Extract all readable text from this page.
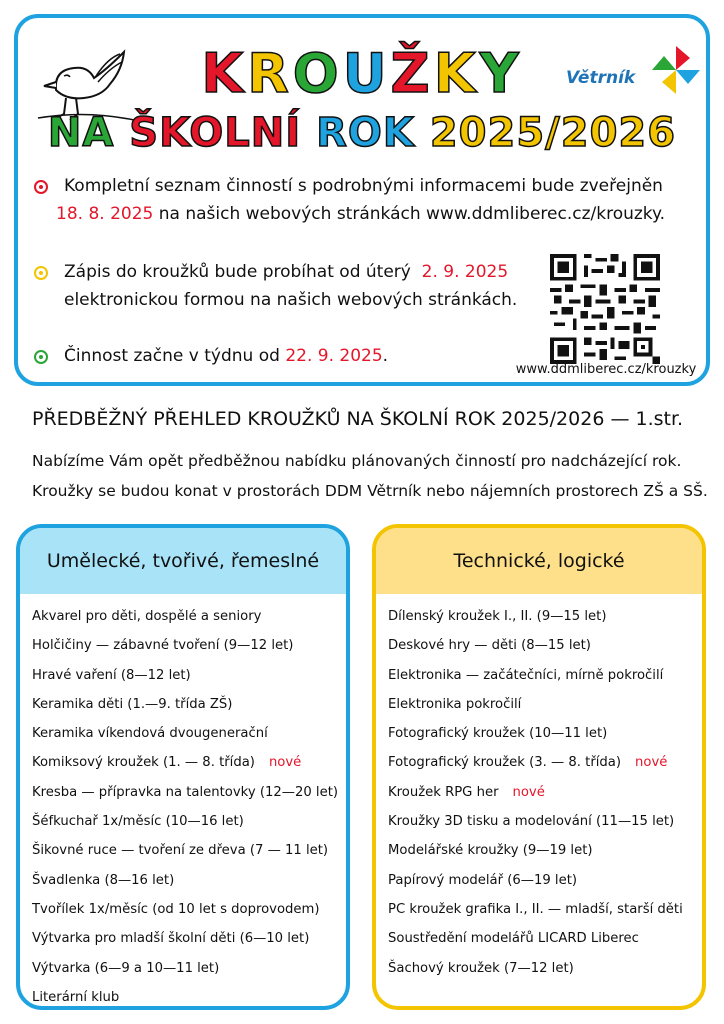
Větrník
KROUŽKY
NA ŠKOLNÍ ROK 2025/2026
Kompletní seznam činností s podrobnými informacemi bude zveřejněn
18. 8. 2025 na našich webových stránkách www.ddmliberec.cz/krouzky.
Zápis do kroužků bude probíhat od úterý 2. 9. 2025
elektronickou formou na našich webových stránkách.
Činnost začne v týdnu od 22. 9. 2025.
www.ddmliberec.cz/krouzky
PŘEDBĚŽNÝ PŘEHLED KROUŽKŮ NA ŠKOLNÍ ROK 2025/2026 — 1.str.
Nabízíme Vám opět předběžnou nabídku plánovaných činností pro nadcházející rok.
Kroužky se budou konat v prostorách DDM Větrník nebo nájemních prostorech ZŠ a SŠ.
Umělecké, tvořivé, řemeslné
Akvarel pro děti, dospělé a seniory
Holčičiny — zábavné tvoření (9—12 let)
Hravé vaření (8—12 let)
Keramika děti (1.—9. třída ZŠ)
Keramika víkendová dvougenerační
Komiksový kroužek (1. — 8. třída) nové
Kresba — přípravka na talentovky (12—20 let)
Šéfkuchař 1x/měsíc (10—16 let)
Šikovné ruce — tvoření ze dřeva (7 — 11 let)
Švadlenka (8—16 let)
Tvořílek 1x/měsíc (od 10 let s doprovodem)
Výtvarka pro mladší školní děti (6—10 let)
Výtvarka (6—9 a 10—11 let)
Literární klub
Technické, logické
Dílenský kroužek I., II. (9—15 let)
Deskové hry — děti (8—15 let)
Elektronika — začátečníci, mírně pokročilí
Elektronika pokročilí
Fotografický kroužek (10—11 let)
Fotografický kroužek (3. — 8. třída) nové
Kroužek RPG her nové
Kroužky 3D tisku a modelování (11—15 let)
Modelářské kroužky (9—19 let)
Papírový modelář (6—19 let)
PC kroužek grafika I., II. — mladší, starší děti
Soustředění modelářů LICARD Liberec
Šachový kroužek (7—12 let)
